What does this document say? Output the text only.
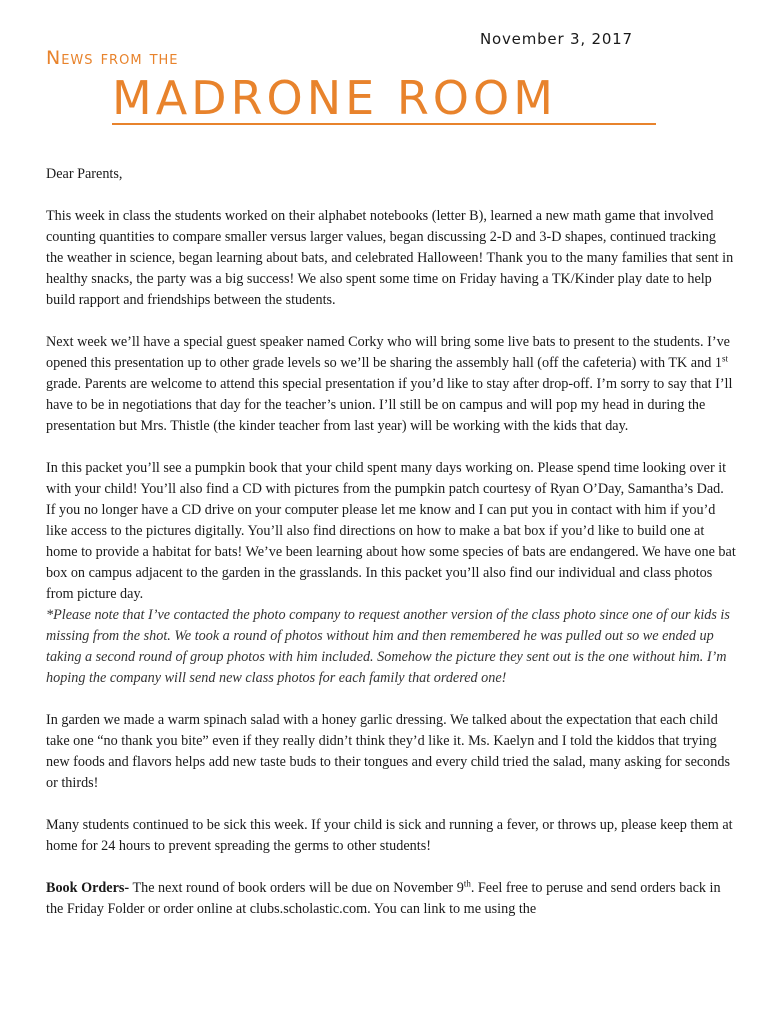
November 3, 2017
News from the
MADRONE ROOM

Dear Parents,

This week in class the students worked on their alphabet notebooks (letter B), learned a new math game that involved counting quantities to compare smaller versus larger values, began discussing 2-D and 3-D shapes, continued tracking the weather in science, began learning about bats, and celebrated Halloween! Thank you to the many families that sent in healthy snacks, the party was a big success! We also spent some time on Friday having a TK/Kinder play date to help build rapport and friendships between the students.

Next week we’ll have a special guest speaker named Corky who will bring some live bats to present to the students. I’ve opened this presentation up to other grade levels so we’ll be sharing the assembly hall (off the cafeteria) with TK and 1st grade. Parents are welcome to attend this special presentation if you’d like to stay after drop-off. I’m sorry to say that I’ll have to be in negotiations that day for the teacher’s union. I’ll still be on campus and will pop my head in during the presentation but Mrs. Thistle (the kinder teacher from last year) will be working with the kids that day.

In this packet you’ll see a pumpkin book that your child spent many days working on. Please spend time looking over it with your child! You’ll also find a CD with pictures from the pumpkin patch courtesy of Ryan O’Day, Samantha’s Dad. If you no longer have a CD drive on your computer please let me know and I can put you in contact with him if you’d like access to the pictures digitally. You’ll also find directions on how to make a bat box if you’d like to build one at home to provide a habitat for bats! We’ve been learning about how some species of bats are endangered. We have one bat box on campus adjacent to the garden in the grasslands. In this packet you’ll also find our individual and class photos from picture day.

*Please note that I’ve contacted the photo company to request another version of the class photo since one of our kids is missing from the shot. We took a round of photos without him and then remembered he was pulled out so we ended up taking a second round of group photos with him included. Somehow the picture they sent out is the one without him. I’m hoping the company will send new class photos for each family that ordered one!

In garden we made a warm spinach salad with a honey garlic dressing. We talked about the expectation that each child take one “no thank you bite” even if they really didn’t think they’d like it. Ms. Kaelyn and I told the kiddos that trying new foods and flavors helps add new taste buds to their tongues and every child tried the salad, many asking for seconds or thirds!

Many students continued to be sick this week. If your child is sick and running a fever, or throws up, please keep them at home for 24 hours to prevent spreading the germs to other students!

Book Orders- The next round of book orders will be due on November 9th. Feel free to peruse and send orders back in the Friday Folder or order online at clubs.scholastic.com. You can link to me using the
